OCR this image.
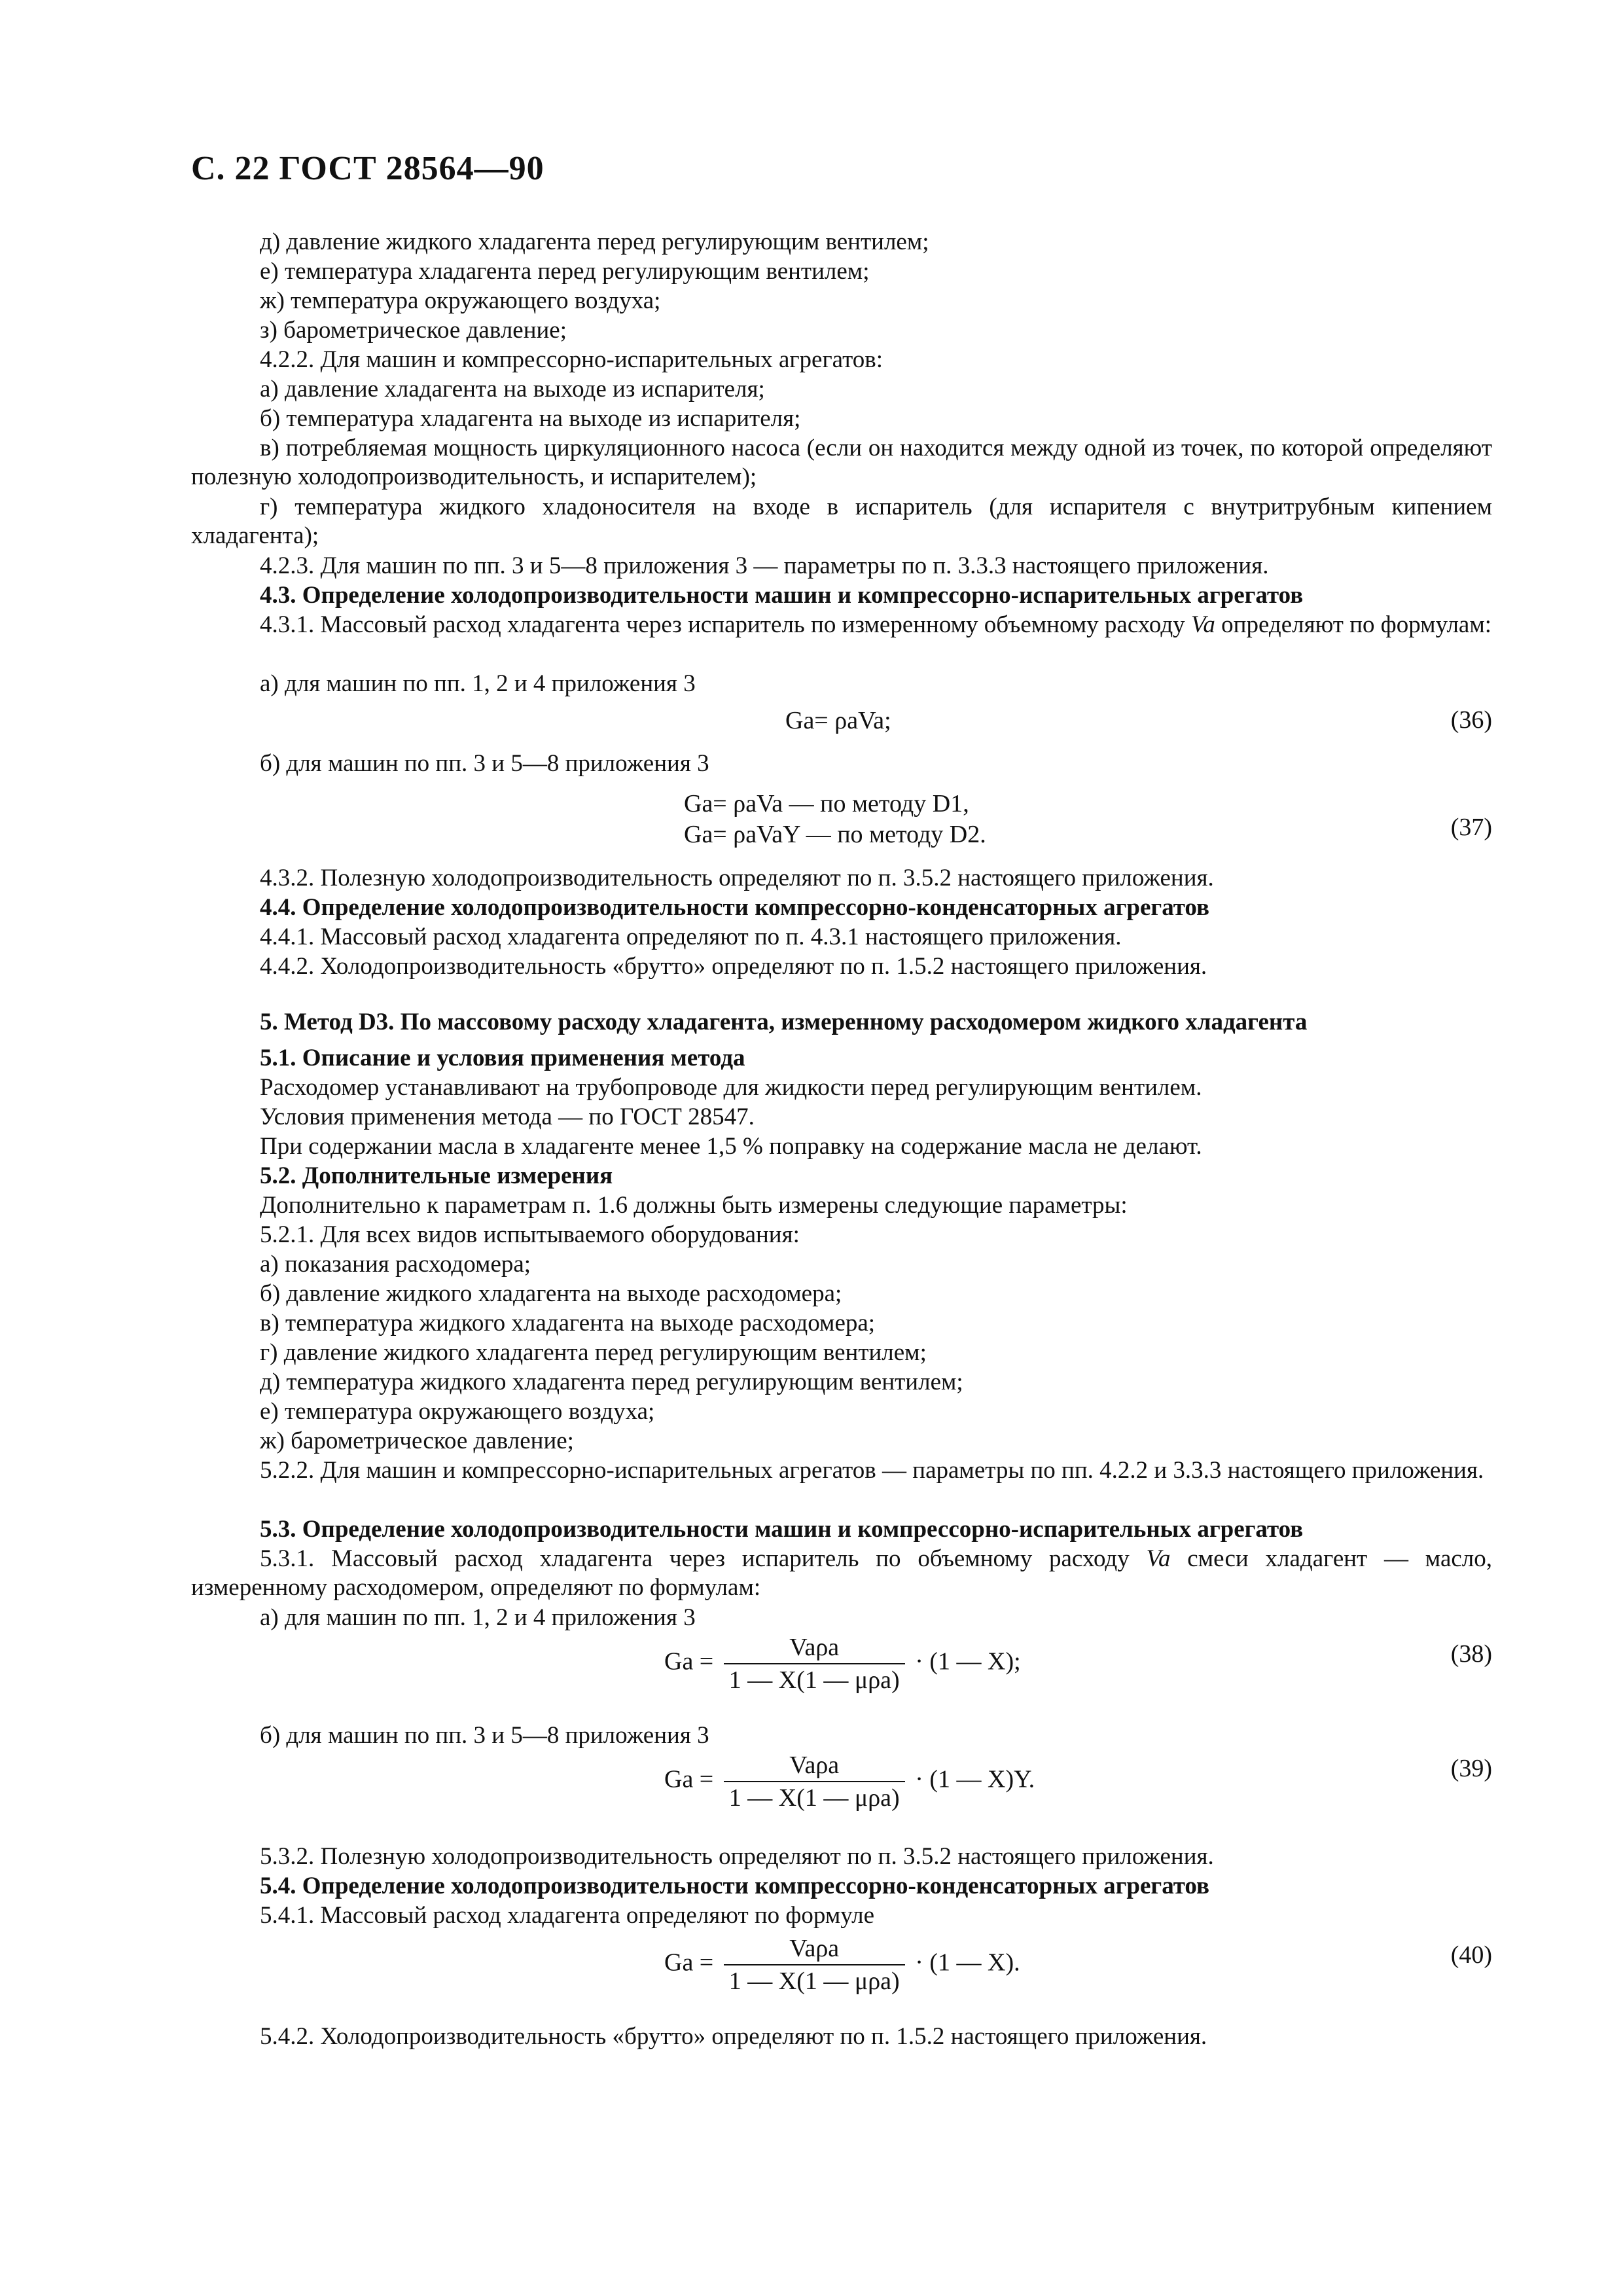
С. 22 ГОСТ 28564—90
д) давление жидкого хладагента перед регулирующим вентилем;
е) температура хладагента перед регулирующим вентилем;
ж) температура окружающего воздуха;
з) барометрическое давление;
4.2.2. Для машин и компрессорно-испарительных агрегатов:
а) давление хладагента на выходе из испарителя;
б) температура хладагента на выходе из испарителя;
в) потребляемая мощность циркуляционного насоса (если он находится между одной из точек, по которой определяют полезную холодопроизводительность, и испарителем);
г) температура жидкого хладоносителя на входе в испаритель (для испарителя с внутритрубным кипением хладагента);
4.2.3. Для машин по пп. 3 и 5—8 приложения 3 — параметры по п. 3.3.3 настоящего приложения.
4.3. Определение холодопроизводительности машин и компрессорно-испарительных агрегатов
4.3.1. Массовый расход хладагента через испаритель по измеренному объемному расходу Va определяют по формулам:
а) для машин по пп. 1, 2 и 4 приложения 3
б) для машин по пп. 3 и 5—8 приложения 3
4.3.2. Полезную холодопроизводительность определяют по п. 3.5.2 настоящего приложения.
4.4. Определение холодопроизводительности компрессорно-конденсаторных агрегатов
4.4.1. Массовый расход хладагента определяют по п. 4.3.1 настоящего приложения.
4.4.2. Холодопроизводительность «брутто» определяют по п. 1.5.2 настоящего приложения.
5. Метод D3. По массовому расходу хладагента, измеренному расходомером жидкого хладагента
5.1. Описание и условия применения метода
Расходомер устанавливают на трубопроводе для жидкости перед регулирующим вентилем.
Условия применения метода — по ГОСТ 28547.
При содержании масла в хладагенте менее 1,5 % поправку на содержание масла не делают.
5.2. Дополнительные измерения
Дополнительно к параметрам п. 1.6 должны быть измерены следующие параметры:
5.2.1. Для всех видов испытываемого оборудования:
а) показания расходомера;
б) давление жидкого хладагента на выходе расходомера;
в) температура жидкого хладагента на выходе расходомера;
г) давление жидкого хладагента перед регулирующим вентилем;
д) температура жидкого хладагента перед регулирующим вентилем;
е) температура окружающего воздуха;
ж) барометрическое давление;
5.2.2. Для машин и компрессорно-испарительных агрегатов — параметры по пп. 4.2.2 и 3.3.3 настоящего приложения.
5.3. Определение холодопроизводительности машин и компрессорно-испарительных агрегатов
5.3.1. Массовый расход хладагента через испаритель по объемному расходу Va смеси хладагент — масло, измеренному расходомером, определяют по формулам:
а) для машин по пп. 1, 2 и 4 приложения 3
б) для машин по пп. 3 и 5—8 приложения 3
5.3.2. Полезную холодопроизводительность определяют по п. 3.5.2 настоящего приложения.
5.4. Определение холодопроизводительности компрессорно-конденсаторных агрегатов
5.4.1. Массовый расход хладагента определяют по формуле
5.4.2. Холодопроизводительность «брутто» определяют по п. 1.5.2 настоящего приложения.
Ga= ρaVa;	(36)
Ga= ρaVa — по методу D1,
Ga= ρaVaY — по методу D2.	(37)
$Ga = \frac{\text{Vaρa}}{\text{1 — X(1 — μρa)}} \cdot (1$ — X);	(38)
$Ga = \frac{\text{Vaρa}}{\text{1 — X(1 — μρa)}} \cdot (1$ — X)Y.	(39)
$Ga = \frac{\text{Vaρa}}{\text{1 — X(1 — μρa)}} \cdot (1$ — X).	(40)
